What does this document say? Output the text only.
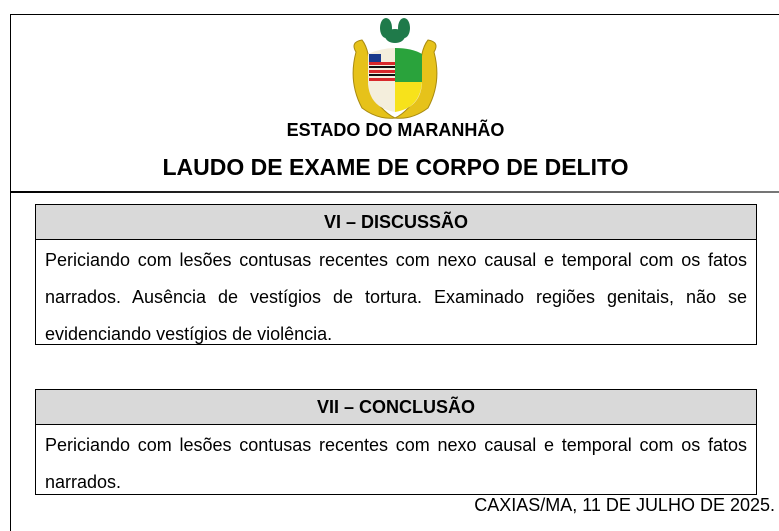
ESTADO DO MARANHÃO
LAUDO DE EXAME DE CORPO DE DELITO
VI – DISCUSSÃO
Periciando com lesões contusas recentes com nexo causal e temporal com os fatos narrados. Ausência de vestígios de tortura. Examinado regiões genitais, não se evidenciando vestígios de violência.
VII – CONCLUSÃO
Periciando com lesões contusas recentes com nexo causal e temporal com os fatos narrados.
CAXIAS/MA, 11 DE JULHO DE 2025.
